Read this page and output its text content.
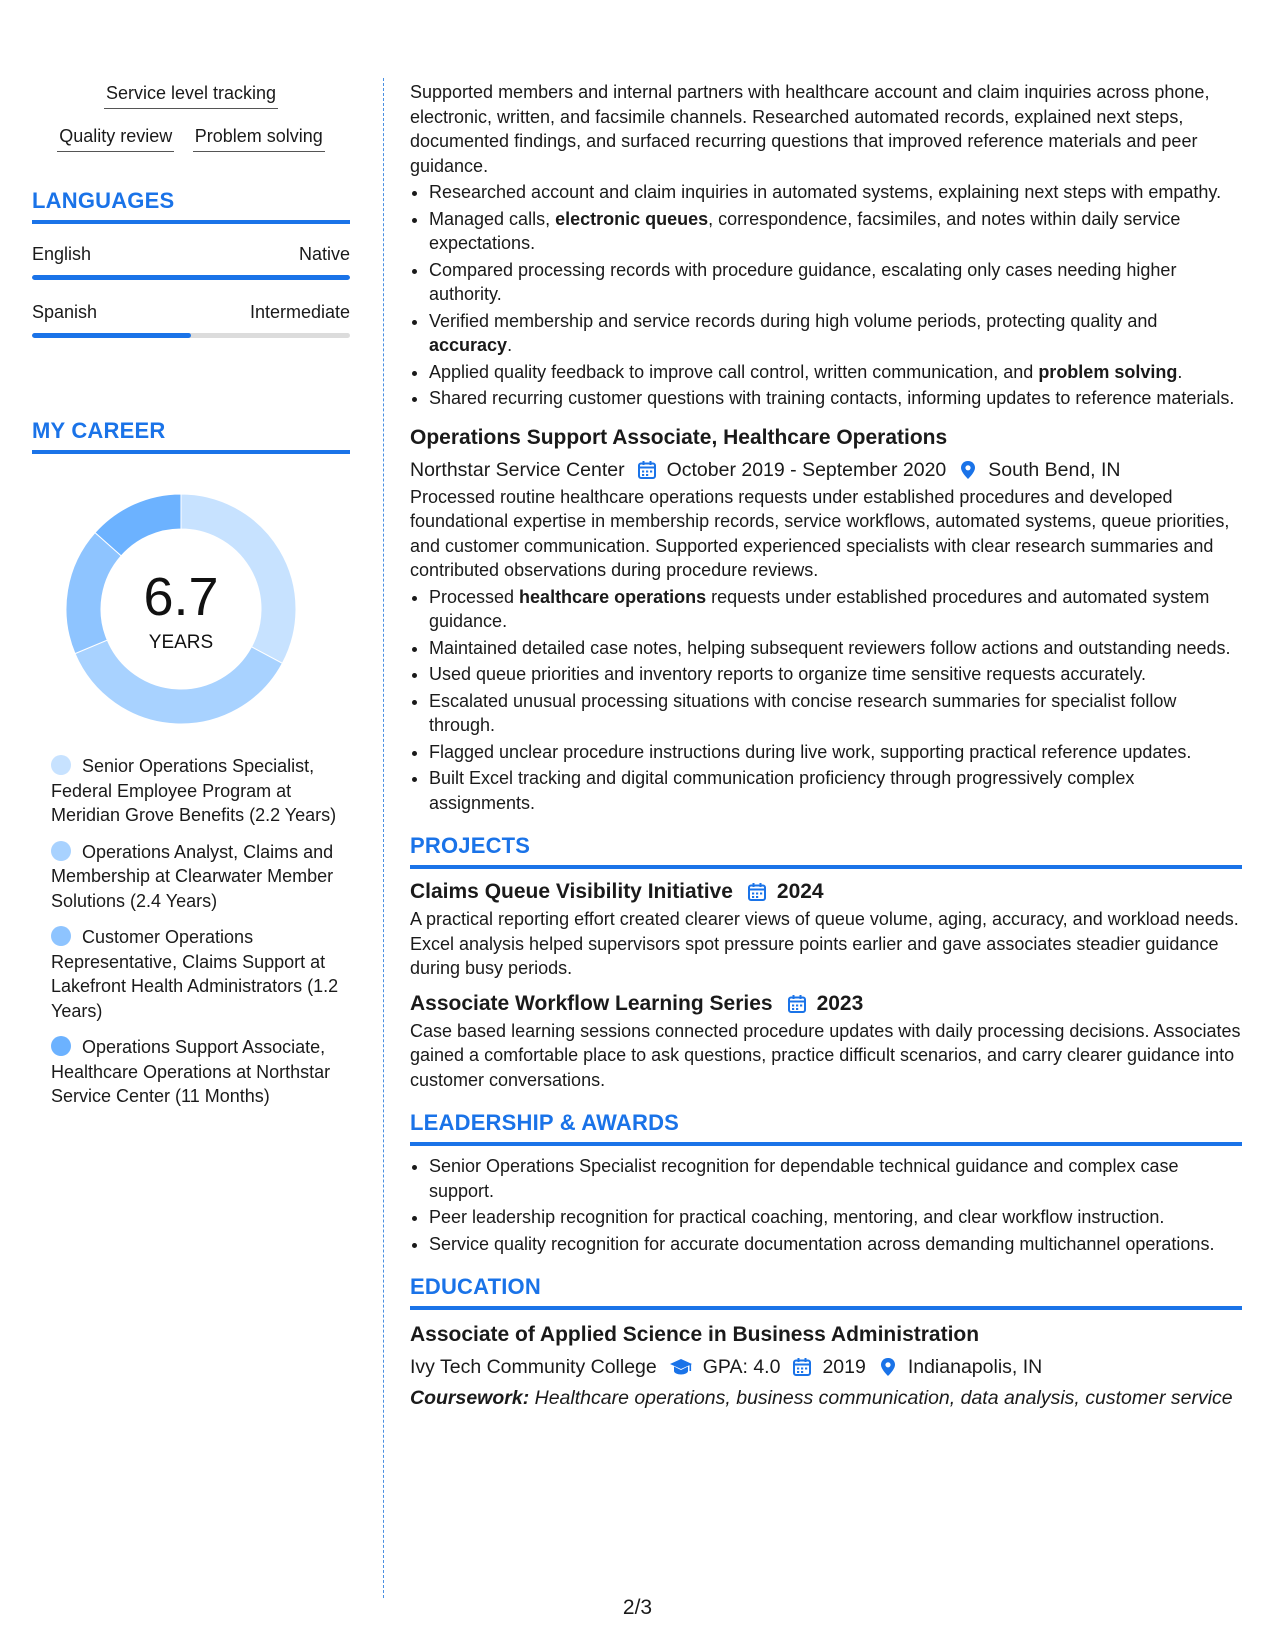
Service level tracking
Quality review Problem solving
LANGUAGES
English	Native
Spanish	Intermediate
MY CAREER
6.7
YEARS
Senior Operations Specialist, Federal Employee Program at Meridian Grove Benefits (2.2 Years)
Operations Analyst, Claims and Membership at Clearwater Member Solutions (2.4 Years)
Customer Operations Representative, Claims Support at Lakefront Health Administrators (1.2 Years)
Operations Support Associate, Healthcare Operations at Northstar Service Center (11 Months)

Supported members and internal partners with healthcare account and claim inquiries across phone, electronic, written, and facsimile channels. Researched automated records, explained next steps, documented findings, and surfaced recurring questions that improved reference materials and peer guidance.

• Researched account and claim inquiries in automated systems, explaining next steps with empathy.
• Managed calls, electronic queues, correspondence, facsimiles, and notes within daily service expectations.
• Compared processing records with procedure guidance, escalating only cases needing higher authority.
• Verified membership and service records during high volume periods, protecting quality and accuracy.
• Applied quality feedback to improve call control, written communication, and problem solving.
• Shared recurring customer questions with training contacts, informing updates to reference materials.
Operations Support Associate, Healthcare Operations
Northstar Service Center October 2019 - September 2020 South Bend, IN

Processed routine healthcare operations requests under established procedures and developed foundational expertise in membership records, service workflows, automated systems, queue priorities, and customer communication. Supported experienced specialists with clear research summaries and contributed observations during procedure reviews.

• Processed healthcare operations requests under established procedures and automated system guidance.
• Maintained detailed case notes, helping subsequent reviewers follow actions and outstanding needs.
• Used queue priorities and inventory reports to organize time sensitive requests accurately.
• Escalated unusual processing situations with concise research summaries for specialist follow through.
• Flagged unclear procedure instructions during live work, supporting practical reference updates.
• Built Excel tracking and digital communication proficiency through progressively complex assignments.
PROJECTS
Claims Queue Visibility Initiative 2024

A practical reporting effort created clearer views of queue volume, aging, accuracy, and workload needs. Excel analysis helped supervisors spot pressure points earlier and gave associates steadier guidance during busy periods.

Associate Workflow Learning Series 2023

Case based learning sessions connected procedure updates with daily processing decisions. Associates gained a comfortable place to ask questions, practice difficult scenarios, and carry clearer guidance into customer conversations.

LEADERSHIP & AWARDS
• Senior Operations Specialist recognition for dependable technical guidance and complex case support.
• Peer leadership recognition for practical coaching, mentoring, and clear workflow instruction.
• Service quality recognition for accurate documentation across demanding multichannel operations.
EDUCATION
Associate of Applied Science in Business Administration
Ivy Tech Community College GPA: 4.0 2019 Indianapolis, IN
Coursework: Healthcare operations, business communication, data analysis, customer service
2/3
